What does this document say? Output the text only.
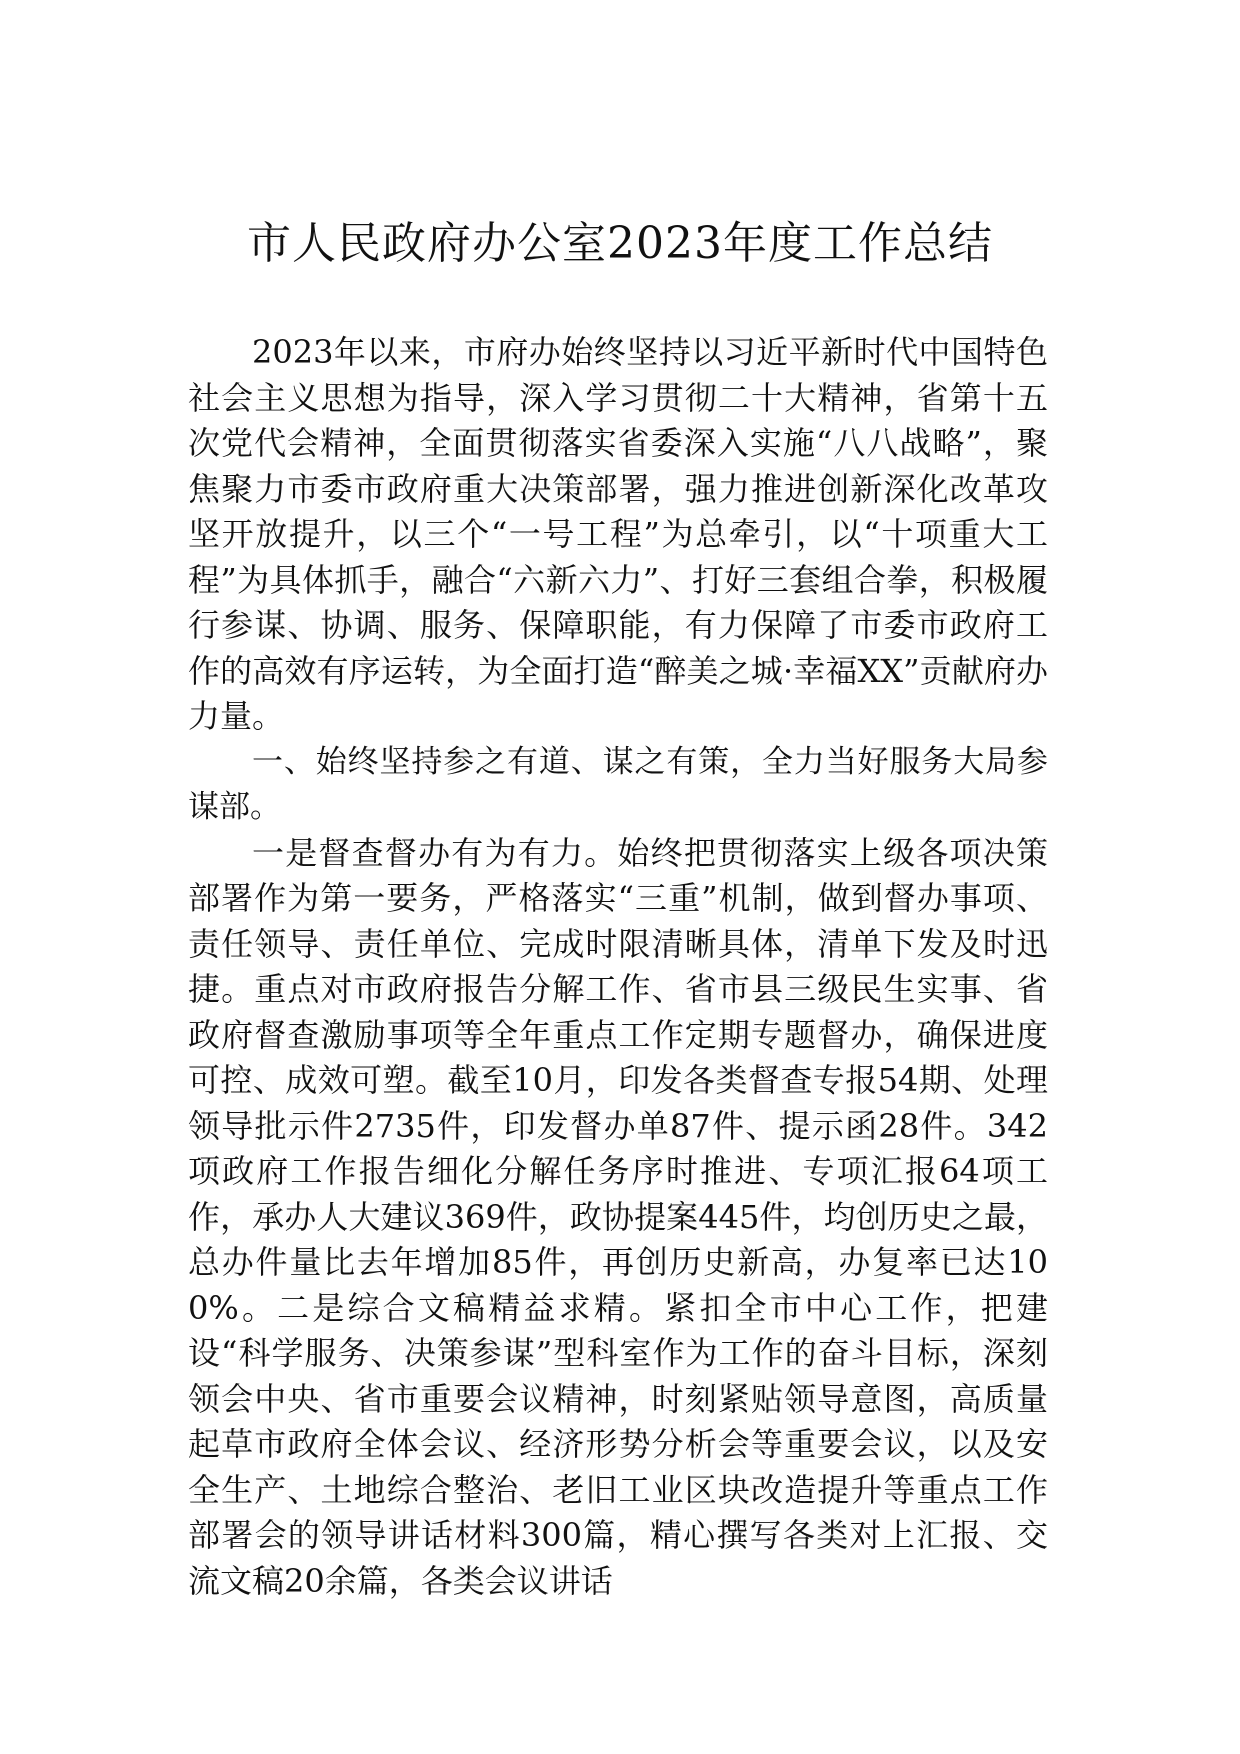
市人民政府办公室2023年度工作总结

2023年以来，市府办始终坚持以习近平新时代中国特色社会主义思想为指导，深入学习贯彻二十大精神，省第十五次党代会精神，全面贯彻落实省委深入实施“八八战略”，聚焦聚力市委市政府重大决策部署，强力推进创新深化改革攻坚开放提升，以三个“一号工程”为总牵引，以“十项重大工程”为具体抓手，融合“六新六力”、打好三套组合拳，积极履行参谋、协调、服务、保障职能，有力保障了市委市政府工作的高效有序运转，为全面打造“醉美之城·幸福XX”贡献府办力量。

一、始终坚持参之有道、谋之有策，全力当好服务大局参谋部。

一是督查督办有为有力。始终把贯彻落实上级各项决策部署作为第一要务，严格落实“三重”机制，做到督办事项、责任领导、责任单位、完成时限清晰具体，清单下发及时迅捷。重点对市政府报告分解工作、省市县三级民生实事、省政府督查激励事项等全年重点工作定期专题督办，确保进度可控、成效可塑。截至10月，印发各类督查专报54期、处理领导批示件2735件，印发督办单87件、提示函28件。342项政府工作报告细化分解任务序时推进、专项汇报64项工作，承办人大建议369件，政协提案445件，均创历史之最，总办件量比去年增加85件，再创历史新高，办复率已达100%。二是综合文稿精益求精。紧扣全市中心工作，把建设“科学服务、决策参谋”型科室作为工作的奋斗目标，深刻领会中央、省市重要会议精神，时刻紧贴领导意图，高质量起草市政府全体会议、经济形势分析会等重要会议，以及安全生产、土地综合整治、老旧工业区块改造提升等重点工作部署会的领导讲话材料300篇，精心撰写各类对上汇报、交流文稿20余篇，各类会议讲话
